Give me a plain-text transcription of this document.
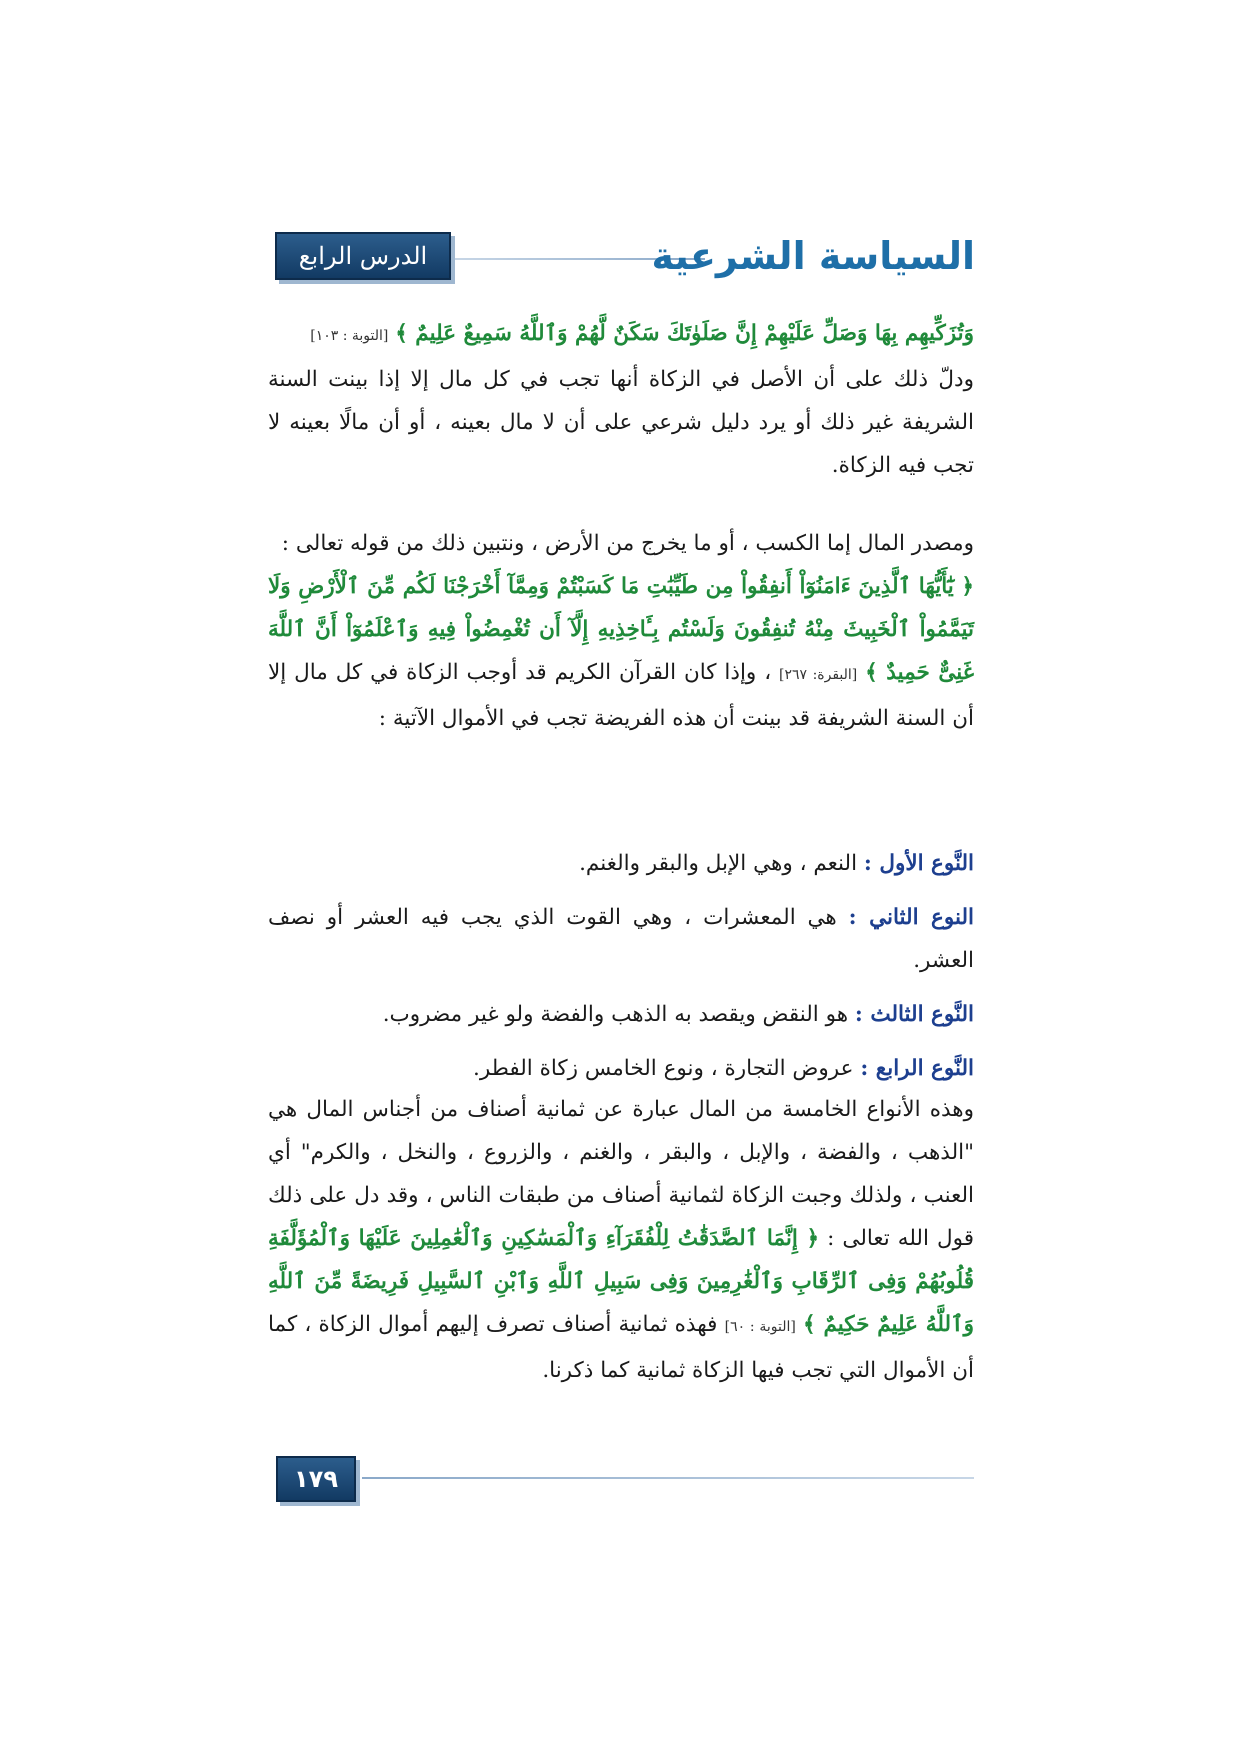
الدرس الرابع	السياسة الشرعية

وَتُزَكِّيهِم بِهَا وَصَلِّ عَلَيْهِمْ إِنَّ صَلَوٰتَكَ سَكَنٌ لَّهُمْ وَٱللَّهُ سَمِيعٌ عَلِيمٌ ﴾ [التوبة : ١٠٣]

ودلّ ذلك على أن الأصل في الزكاة أنها تجب في كل مال إلا إذا بينت السنة الشريفة غير ذلك أو يرد دليل شرعي على أن لا مال بعينه ، أو أن مالًا بعينه لا تجب فيه الزكاة.

ومصدر المال إما الكسب ، أو ما يخرج من الأرض ، ونتبين ذلك من قوله تعالى :

﴿ يَٰٓأَيُّهَا ٱلَّذِينَ ءَامَنُوٓاْ أَنفِقُواْ مِن طَيِّبَٰتِ مَا كَسَبْتُمْ وَمِمَّآ أَخْرَجْنَا لَكُم مِّنَ ٱلْأَرْضِ وَلَا تَيَمَّمُواْ ٱلْخَبِيثَ مِنْهُ تُنفِقُونَ وَلَسْتُم بِـَٔاخِذِيهِ إِلَّآ أَن تُغْمِضُواْ فِيهِ وَٱعْلَمُوٓاْ أَنَّ ٱللَّهَ غَنِىٌّ حَمِيدٌ ﴾ [البقرة: ٢٦٧] ، وإذا كان القرآن الكريم قد أوجب الزكاة في كل مال إلا أن السنة الشريفة قد بينت أن هذه الفريضة تجب في الأموال الآتية :

النَّوع الأول : النعم ، وهي الإبل والبقر والغنم.

النوع الثاني : هي المعشرات ، وهي القوت الذي يجب فيه العشر أو نصف العشر.

النَّوع الثالث : هو النقض ويقصد به الذهب والفضة ولو غير مضروب.

النَّوع الرابع : عروض التجارة ، ونوع الخامس زكاة الفطر.

وهذه الأنواع الخامسة من المال عبارة عن ثمانية أصناف من أجناس المال هي "الذهب ، والفضة ، والإبل ، والبقر ، والغنم ، والزروع ، والنخل ، والكرم" أي العنب ، ولذلك وجبت الزكاة لثمانية أصناف من طبقات الناس ، وقد دل على ذلك قول الله تعالى : ﴿ إِنَّمَا ٱلصَّدَقَٰتُ لِلْفُقَرَآءِ وَٱلْمَسَٰكِينِ وَٱلْعَٰمِلِينَ عَلَيْهَا وَٱلْمُؤَلَّفَةِ قُلُوبُهُمْ وَفِى ٱلرِّقَابِ وَٱلْغَٰرِمِينَ وَفِى سَبِيلِ ٱللَّهِ وَٱبْنِ ٱلسَّبِيلِ فَرِيضَةً مِّنَ ٱللَّهِ وَٱللَّهُ عَلِيمٌ حَكِيمٌ ﴾ [التوبة : ٦٠] فهذه ثمانية أصناف تصرف إليهم أموال الزكاة ، كما أن الأموال التي تجب فيها الزكاة ثمانية كما ذكرنا.

١٧٩
